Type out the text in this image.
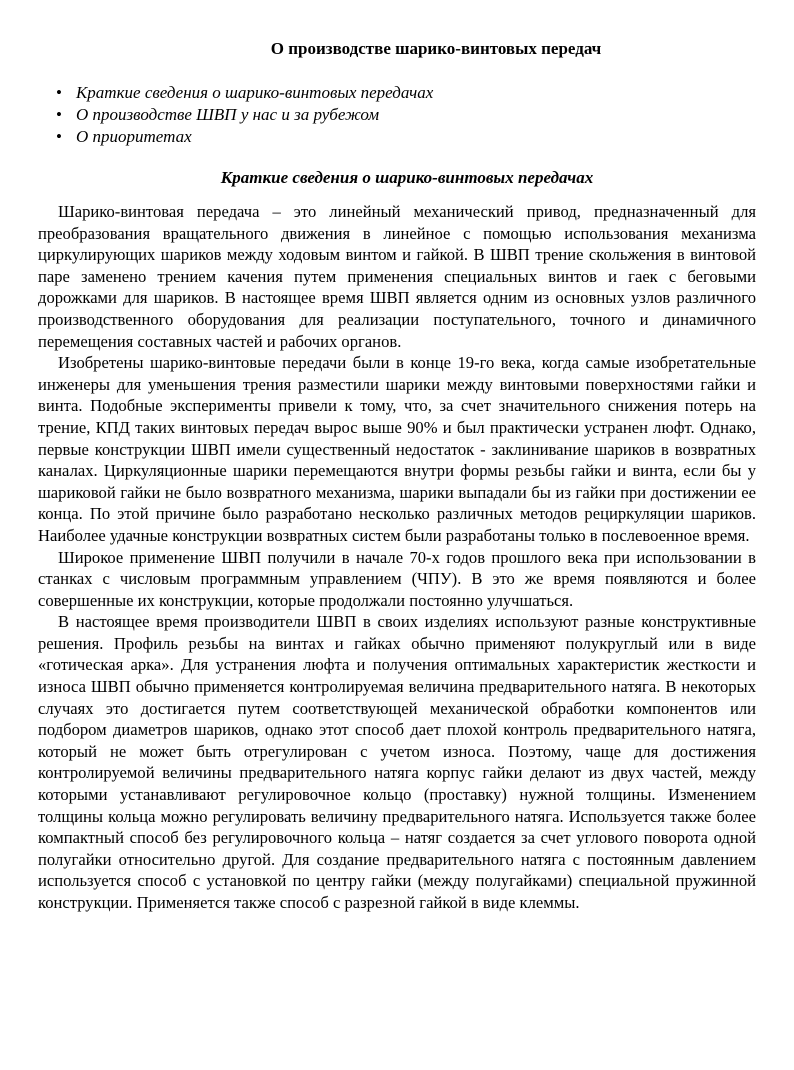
О производстве шарико-винтовых передач
• Краткие сведения о шарико-винтовых передачах
• О производстве ШВП у нас и за рубежом
• О приоритетах
Краткие сведения о шарико-винтовых передачах

Шарико-винтовая передача – это линейный механический привод, предназначенный для преобразования вращательного движения в линейное с помощью использования механизма циркулирующих шариков между ходовым винтом и гайкой. В ШВП трение скольжения в винтовой паре заменено трением качения путем применения специальных винтов и гаек с беговыми дорожками для шариков. В настоящее время ШВП является одним из основных узлов различного производственного оборудования для реализации поступательного, точного и динамичного перемещения составных частей и рабочих органов.

Изобретены шарико-винтовые передачи были в конце 19-го века, когда самые изобретательные инженеры для уменьшения трения разместили шарики между винтовыми поверхностями гайки и винта. Подобные эксперименты привели к тому, что, за счет значительного снижения потерь на трение, КПД таких винтовых передач вырос выше 90% и был практически устранен люфт. Однако, первые конструкции ШВП имели существенный недостаток - заклинивание шариков в возвратных каналах. Циркуляционные шарики перемещаются внутри формы резьбы гайки и винта, если бы у шариковой гайки не было возвратного механизма, шарики выпадали бы из гайки при достижении ее конца. По этой причине было разработано несколько различных методов рециркуляции шариков. Наиболее удачные конструкции возвратных систем были разработаны только в послевоенное время.

Широкое применение ШВП получили в начале 70-х годов прошлого века при использовании в станках с числовым программным управлением (ЧПУ). В это же время появляются и более совершенные их конструкции, которые продолжали постоянно улучшаться.

В настоящее время производители ШВП в своих изделиях используют разные конструктивные решения. Профиль резьбы на винтах и гайках обычно применяют полукруглый или в виде «готическая арка». Для устранения люфта и получения оптимальных характеристик жесткости и износа ШВП обычно применяется контролируемая величина предварительного натяга. В некоторых случаях это достигается путем соответствующей механической обработки компонентов или подбором диаметров шариков, однако этот способ дает плохой контроль предварительного натяга, который не может быть отрегулирован с учетом износа. Поэтому, чаще для достижения контролируемой величины предварительного натяга корпус гайки делают из двух частей, между которыми устанавливают регулировочное кольцо (проставку) нужной толщины. Изменением толщины кольца можно регулировать величину предварительного натяга. Используется также более компактный способ без регулировочного кольца – натяг создается за счет углового поворота одной полугайки относительно другой. Для создание предварительного натяга с постоянным давлением используется способ с установкой по центру гайки (между полугайками) специальной пружинной конструкции. Применяется также способ с разрезной гайкой в виде клеммы.
